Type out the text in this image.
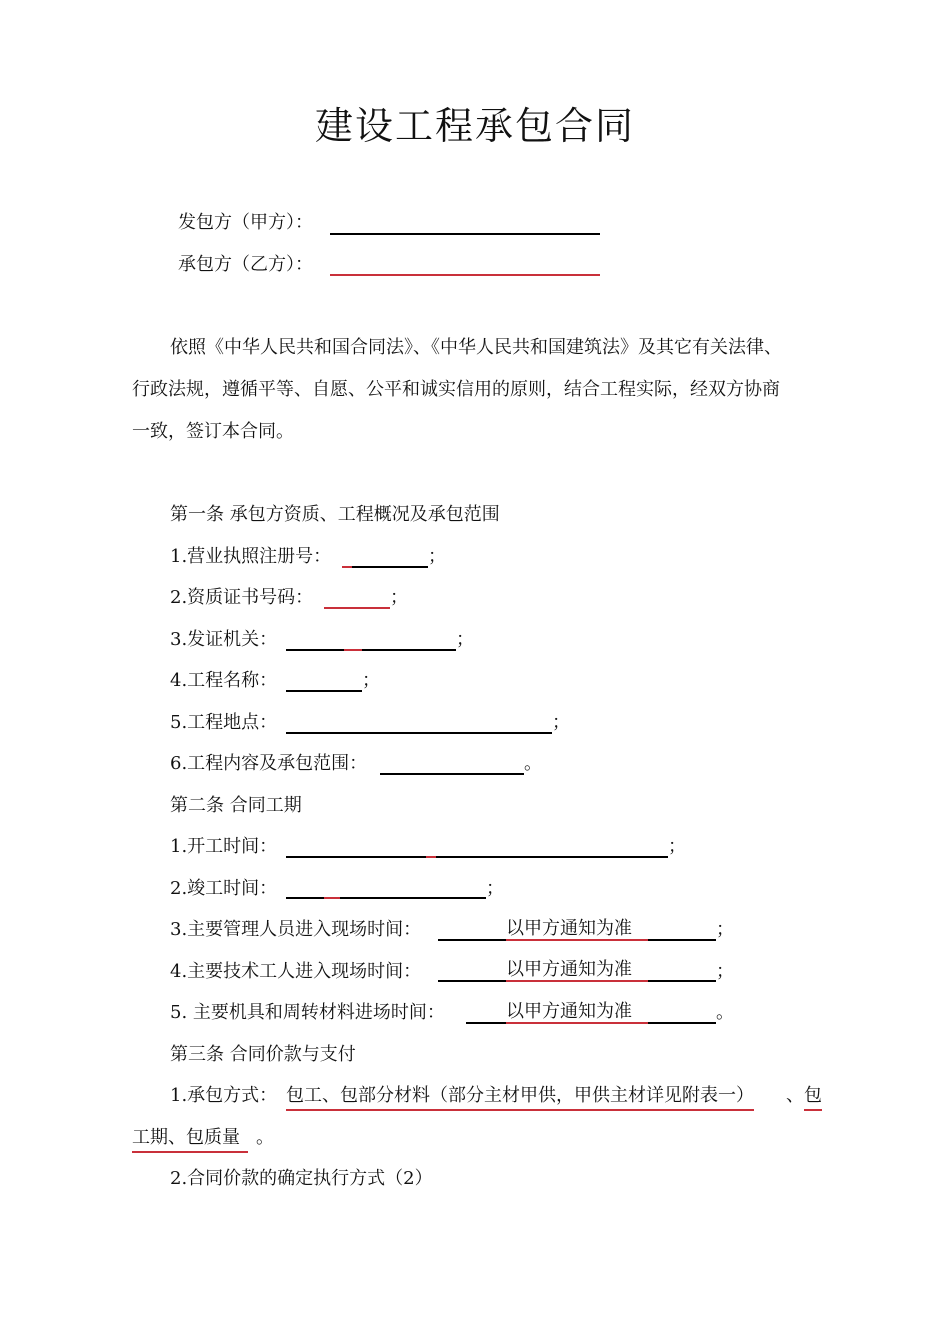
建设工程承包合同
发包方（甲方）：
承包方（乙方）：
依照《中华人民共和国合同法》、《中华人民共和国建筑法》及其它有关法律、
行政法规，遵循平等、自愿、公平和诚实信用的原则，结合工程实际，经双方协商
一致，签订本合同。
第一条 承包方资质、工程概况及承包范围
1.营业执照注册号：	；
2.资质证书号码：	；
3.发证机关：	；
4.工程名称：	；
5.工程地点：	；
6.工程内容及承包范围：	。
第二条 合同工期
1.开工时间：	；
2.竣工时间：	；
3.主要管理人员进入现场时间：	以甲方通知为准	；
4.主要技术工人进入现场时间：	以甲方通知为准	；
5. 主要机具和周转材料进场时间：	以甲方通知为准	。
第三条 合同价款与支付
1.承包方式： 包工、包部分材料（部分主材甲供，甲供主材详见附表一） 、 包
工期、包质量 。
2.合同价款的确定执行方式（2）
